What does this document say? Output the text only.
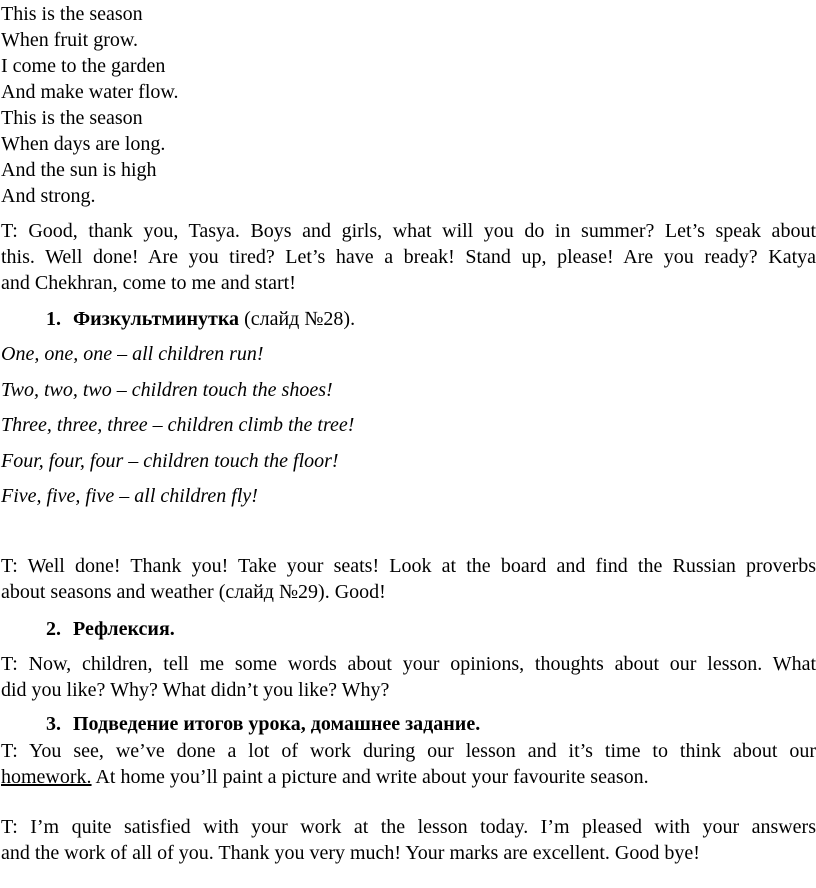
This is the season
When fruit grow.
I come to the garden
And make water flow.
This is the season
When days are long.
And the sun is high
And strong.
T: Good, thank you, Tasya. Boys and girls, what will you do in summer? Let’s speak about
this. Well done! Are you tired? Let’s have a break! Stand up, please! Are you ready? Katya
and Chekhran, come to me and start!
1. Физкультминутка (слайд №28).
One, one, one – all children run!
Two, two, two – children touch the shoes!
Three, three, three – children climb the tree!
Four, four, four – children touch the floor!
Five, five, five – all children fly!
T: Well done! Thank you! Take your seats! Look at the board and find the Russian proverbs
about seasons and weather (слайд №29). Good!
2. Рефлексия.
T: Now, children, tell me some words about your opinions, thoughts about our lesson. What
did you like? Why? What didn’t you like? Why?
3. Подведение итогов урока, домашнее задание.
T: You see, we’ve done a lot of work during our lesson and it’s time to think about our
homework. At home you’ll paint a picture and write about your favourite season.
T: I’m quite satisfied with your work at the lesson today. I’m pleased with your answers
and the work of all of you. Thank you very much! Your marks are excellent. Good bye!
